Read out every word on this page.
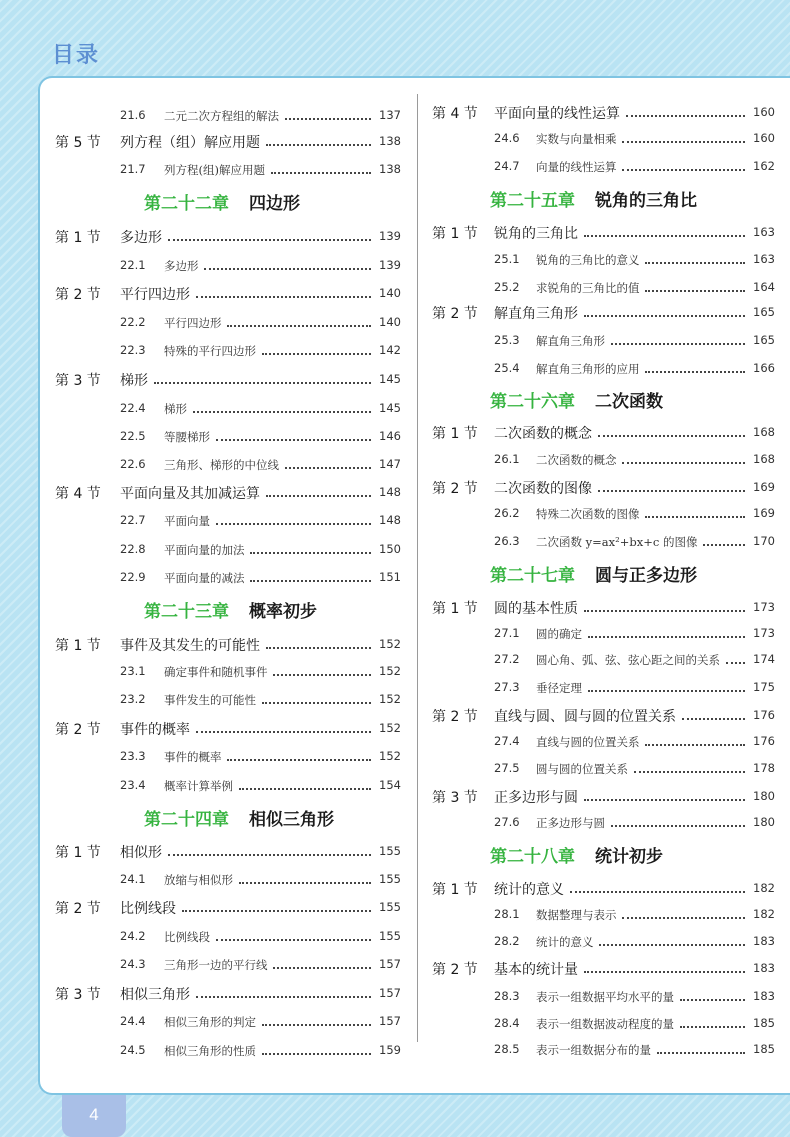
目录
21.6 二元二次方程组的解法	137
第 5 节 列方程（组）解应用题	138
21.7 列方程(组)解应用题	138
第二十二章 四边形
第 1 节 多边形	139
22.1 多边形	139
第 2 节 平行四边形	140
22.2 平行四边形	140
22.3 特殊的平行四边形	142
第 3 节 梯形	145
22.4 梯形	145
22.5 等腰梯形	146
22.6 三角形、梯形的中位线	147
第 4 节 平面向量及其加减运算	148
22.7 平面向量	148
22.8 平面向量的加法	150
22.9 平面向量的减法	151
第二十三章 概率初步
第 1 节 事件及其发生的可能性	152
23.1 确定事件和随机事件	152
23.2 事件发生的可能性	152
第 2 节 事件的概率	152
23.3 事件的概率	152
23.4 概率计算举例	154
第二十四章 相似三角形
第 1 节 相似形	155
24.1 放缩与相似形	155
第 2 节 比例线段	155
24.2 比例线段	155
24.3 三角形一边的平行线	157
第 3 节 相似三角形	157
24.4 相似三角形的判定	157
24.5 相似三角形的性质	159
第 4 节 平面向量的线性运算	160
24.6 实数与向量相乘	160
24.7 向量的线性运算	162
第二十五章 锐角的三角比
第 1 节 锐角的三角比	163
25.1 锐角的三角比的意义	163
25.2 求锐角的三角比的值	164
第 2 节 解直角三角形	165
25.3 解直角三角形	165
25.4 解直角三角形的应用	166
第二十六章 二次函数
第 1 节 二次函数的概念	168
26.1 二次函数的概念	168
第 2 节 二次函数的图像	169
26.2 特殊二次函数的图像	169
26.3 二次函数 y=ax²+bx+c 的图像	170
第二十七章 圆与正多边形
第 1 节 圆的基本性质	173
27.1 圆的确定	173
27.2 圆心角、弧、弦、弦心距之间的关系	174
27.3 垂径定理	175
第 2 节 直线与圆、圆与圆的位置关系	176
27.4 直线与圆的位置关系	176
27.5 圆与圆的位置关系	178
第 3 节 正多边形与圆	180
27.6 正多边形与圆	180
第二十八章 统计初步
第 1 节 统计的意义	182
28.1 数据整理与表示	182
28.2 统计的意义	183
第 2 节 基本的统计量	183
28.3 表示一组数据平均水平的量	183
28.4 表示一组数据波动程度的量	185
28.5 表示一组数据分布的量	185
4
